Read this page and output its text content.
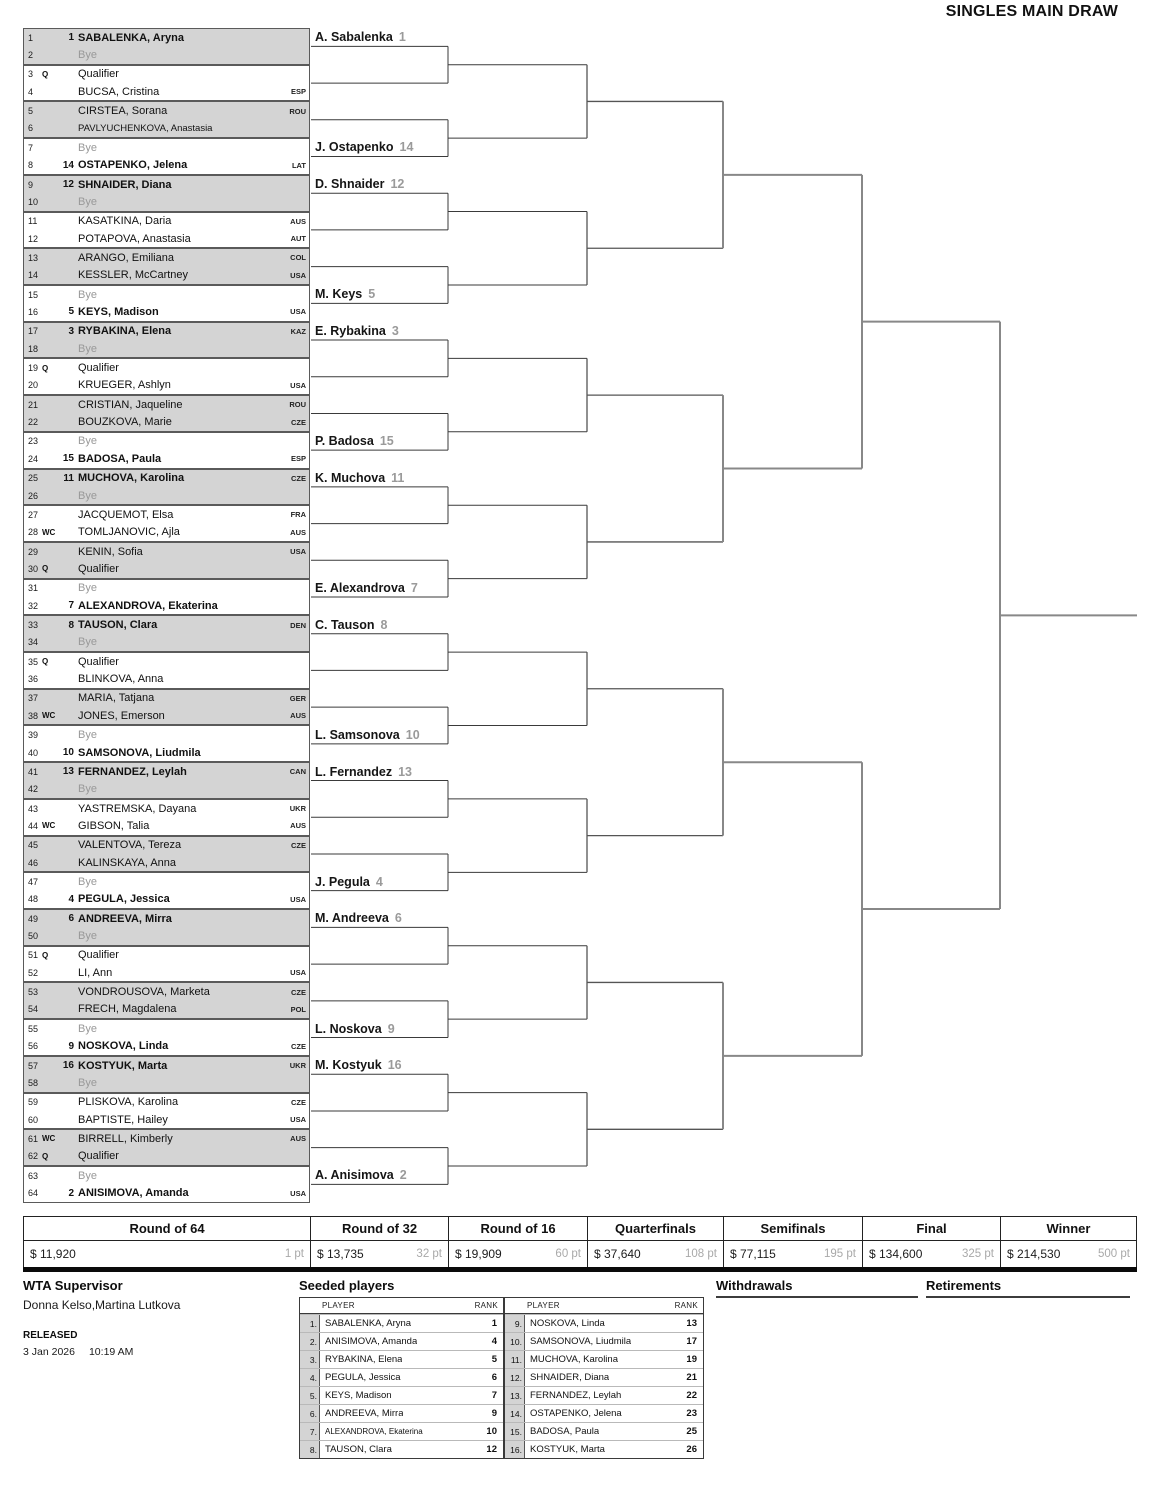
SINGLES MAIN DRAW
1	1 SABALENKA, Aryna
2	Bye
3	Q	Qualifier
4	BUCSA, Cristina	ESP
5	CIRSTEA, Sorana	ROU
6	PAVLYUCHENKOVA, Anastasia
7	Bye
8	14 OSTAPENKO, Jelena	LAT
9	12 SHNAIDER, Diana
10	Bye
11	KASATKINA, Daria	AUS
12	POTAPOVA, Anastasia	AUT
13	ARANGO, Emiliana	COL
14	KESSLER, McCartney	USA
15	Bye
16	5 KEYS, Madison	USA
17	3 RYBAKINA, Elena	KAZ
18	Bye
19 Q	Qualifier
20	KRUEGER, Ashlyn	USA
21	CRISTIAN, Jaqueline	ROU
22	BOUZKOVA, Marie	CZE
23	Bye
24	15 BADOSA, Paula	ESP
25	11 MUCHOVA, Karolina	CZE
26	Bye
27	JACQUEMOT, Elsa	FRA
28 WC	TOMLJANOVIC, Ajla	AUS
29	KENIN, Sofia	USA
30 Q	Qualifier
31	Bye
32	7 ALEXANDROVA, Ekaterina
33	8 TAUSON, Clara	DEN
34	Bye
35 Q	Qualifier
36	BLINKOVA, Anna
37	MARIA, Tatjana	GER
38 WC	JONES, Emerson	AUS
39	Bye
40	10 SAMSONOVA, Liudmila
41	13 FERNANDEZ, Leylah	CAN
42	Bye
43	YASTREMSKA, Dayana	UKR
44 WC	GIBSON, Talia	AUS
45	VALENTOVA, Tereza	CZE
46	KALINSKAYA, Anna
47	Bye
48	4 PEGULA, Jessica	USA
49	6 ANDREEVA, Mirra
50	Bye
51 Q	Qualifier
52	LI, Ann	USA
53	VONDROUSOVA, Marketa	CZE
54	FRECH, Magdalena	POL
55	Bye
56	9 NOSKOVA, Linda	CZE
57	16 KOSTYUK, Marta	UKR
58	Bye
59	PLISKOVA, Karolina	CZE
60	BAPTISTE, Hailey	USA
61 WC	BIRRELL, Kimberly	AUS
62 Q	Qualifier
63	Bye
64	2 ANISIMOVA, Amanda	USA
A. Sabalenka 1
J. Ostapenko 14
D. Shnaider 12
M. Keys 5
E. Rybakina 3
P. Badosa 15
K. Muchova 11
E. Alexandrova 7
C. Tauson 8
L. Samsonova 10
L. Fernandez 13
J. Pegula 4
M. Andreeva 6
L. Noskova 9
M. Kostyuk 16
A. Anisimova 2
Round of 64
$ 11,920	1 pt
Round of 32
$ 13,735	32 pt
Round of 16
$ 19,909	60 pt
Quarterfinals
$ 37,640	108 pt
Semifinals
$ 77,115	195 pt
Final
$ 134,600	325 pt
Winner
$ 214,530	500 pt
WTA Supervisor
Donna Kelso,Martina Lutkova
RELEASED
3 Jan 2026 10:19 AM
Seeded players
PLAYER	RANK
1. SABALENKA, Aryna	1
2. ANISIMOVA, Amanda	4
3. RYBAKINA, Elena	5
4. PEGULA, Jessica	6
5. KEYS, Madison	7
6. ANDREEVA, Mirra	9
7.	ALEXANDROVA, Ekaterina	10
8. TAUSON, Clara	12
PLAYER	RANK
9. NOSKOVA, Linda	13
10. SAMSONOVA, Liudmila	17
11. MUCHOVA, Karolina	19
12. SHNAIDER, Diana	21
13. FERNANDEZ, Leylah	22
14. OSTAPENKO, Jelena	23
15. BADOSA, Paula	25
16. KOSTYUK, Marta	26
Withdrawals	Retirements
